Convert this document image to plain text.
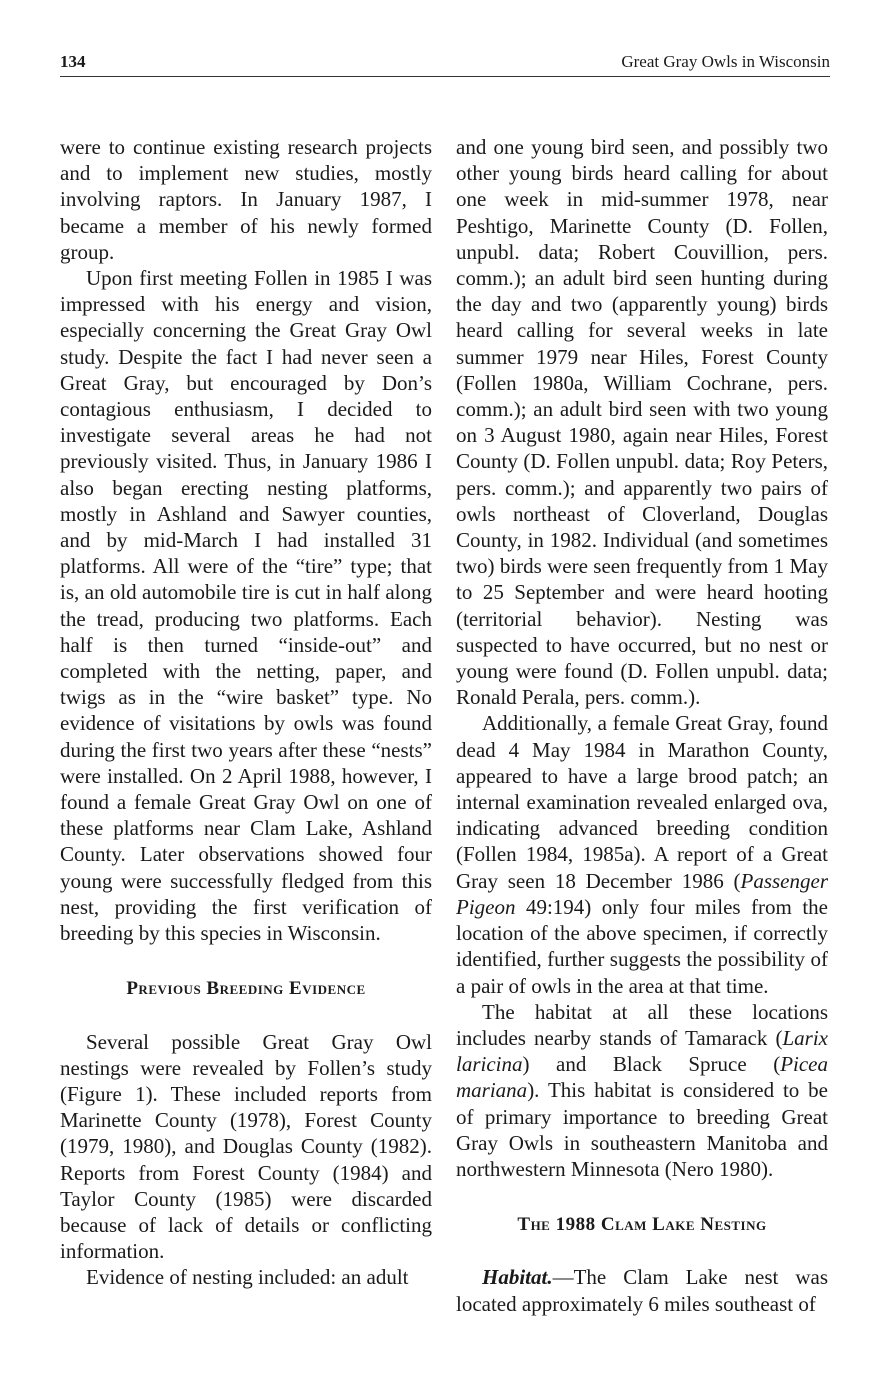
134	Great Gray Owls in Wisconsin

were to continue existing research projects and to implement new studies, mostly involving raptors. In January 1987, I became a member of his newly formed group.

Upon first meeting Follen in 1985 I was impressed with his energy and vision, especially concerning the Great Gray Owl study. Despite the fact I had never seen a Great Gray, but encouraged by Don’s contagious enthusiasm, I decided to investigate several areas he had not previously visited. Thus, in January 1986 I also began erecting nesting platforms, mostly in Ashland and Sawyer counties, and by mid-March I had installed 31 platforms. All were of the “tire” type; that is, an old automobile tire is cut in half along the tread, producing two platforms. Each half is then turned “inside-out” and completed with the netting, paper, and twigs as in the “wire basket” type. No evidence of visitations by owls was found during the first two years after these “nests” were installed. On 2 April 1988, however, I found a female Great Gray Owl on one of these platforms near Clam Lake, Ashland County. Later observations showed four young were successfully fledged from this nest, providing the first verification of breeding by this species in Wisconsin.

Previous Breeding Evidence

Several possible Great Gray Owl nestings were revealed by Follen’s study (Figure 1). These included reports from Marinette County (1978), Forest County (1979, 1980), and Douglas County (1982). Reports from Forest County (1984) and Taylor County (1985) were discarded because of lack of details or conflicting information.

Evidence of nesting included: an adult

and one young bird seen, and possibly two other young birds heard calling for about one week in mid-summer 1978, near Peshtigo, Marinette County (D. Follen, unpubl. data; Robert Couvillion, pers. comm.); an adult bird seen hunting during the day and two (apparently young) birds heard calling for several weeks in late summer 1979 near Hiles, Forest County (Follen 1980a, William Cochrane, pers. comm.); an adult bird seen with two young on 3 August 1980, again near Hiles, Forest County (D. Follen unpubl. data; Roy Peters, pers. comm.); and apparently two pairs of owls northeast of Cloverland, Douglas County, in 1982. Individual (and sometimes two) birds were seen frequently from 1 May to 25 September and were heard hooting (territorial behavior). Nesting was suspected to have occurred, but no nest or young were found (D. Follen unpubl. data; Ronald Perala, pers. comm.).

Additionally, a female Great Gray, found dead 4 May 1984 in Marathon County, appeared to have a large brood patch; an internal examination revealed enlarged ova, indicating advanced breeding condition (Follen 1984, 1985a). A report of a Great Gray seen 18 December 1986 (Passenger Pigeon 49:194) only four miles from the location of the above specimen, if correctly identified, further suggests the possibility of a pair of owls in the area at that time.

The habitat at all these locations includes nearby stands of Tamarack (Larix laricina) and Black Spruce (Picea mariana). This habitat is considered to be of primary importance to breeding Great Gray Owls in southeastern Manitoba and northwestern Minnesota (Nero 1980).

The 1988 Clam Lake Nesting

Habitat.—The Clam Lake nest was located approximately 6 miles southeast of
